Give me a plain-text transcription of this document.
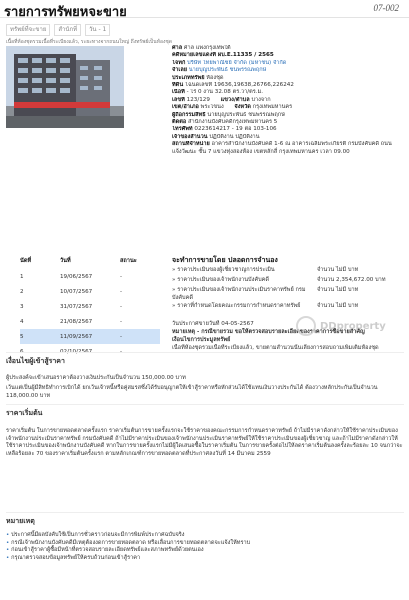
รายการทรัพยหจะขาย	07-002
ทรัพย์ที่จะขาย	สำนักที่	วัน - 1
เนื้อที่ห้องชุดรวมเนื้อที่ระเบียงแล้ว, ระยะทางจากถนนใหญ่ ถึงทรัพย์เป็นห้องชุด
ศาล ศาล แพ่งกรุงเทพใต้
คดีหมายเลขแดงที่ ผบ.E.11335 / 2565
โจทก์ บริษัท ไทยพาณิชย์ จำกัด (มหาชน) จำกัด
จำเลย นายบุญประพันธ์ ชนพรรณพฤกษ์
ประเภททรัพย์ ห้องชุด
ที่ดิน โฉนดเลขที่ 19636,19638,26766,226242
เนื้อที่ - ไร่ 0 งาน 32.08 ตร.วา/ตร.ม.
เลขที่ 123/129 แขวง/ตำบล บางจาก
เขต/อำเภอ พระโขนง จังหวัด กรุงเทพมหานคร
ผู้ถือกรรมสิทธิ์ นายบุญประพันธ์ ชนพรรณพฤกษ์
ติดต่อ สำนักงานบังคับคดีกรุงเทพมหานคร 5
โทรศัพท์ 0223614217 - 19 ต่อ 103-106
เจ้าของสำนวน ปฏิบัติงาน ปฏิบัติงาน
สถานที่จำหน่าย อาคารสำนักงานบังคับคดี 1-6 ณ อาคารเฉลิมพระเกียรติ กรมบังคับคดี ถนนแจ้งวัฒนะ ชั้น 7 แขวงทุ่งสองห้อง เขตหลักสี่ กรุงเทพมหานคร เวลา 09.00
นัดที่	วันที่	สถานะ
1	19/06/2567	-
2	10/07/2567	-
3	31/07/2567	-
4	21/08/2567	-
5	11/09/2567	-
6	02/10/2567	-
จะทำการขายโดย ปลอดการจำนอง
» ราคาประเมินของผู้เชี่ยวชาญการประเมิน	จำนวน ไม่มี บาท
» ราคาประเมินของเจ้าพนักงานบังคับคดี	จำนวน 2,354,672.00 บาท
» ราคาประเมินของเจ้าพนักงานประเมินราคาทรัพย์ กรมบังคับคดี
จำนวน ไม่มี บาท
» ราคาที่กำหนดโดยคณะกรรมการกำหนดราคาทรัพย์	จำนวน ไม่มี บาท
วันประกาศขายวันที่ 04-05-2567
หมายเหตุ - กรณีขายรวม ขอให้ตรวจสอบรายละเอียดของราคาการซื้อขายสำคัญ
เงื่อนไขการประมูลทรัพย์
เนื้อที่ห้องชุดรวมเนื้อที่ระเบียงแล้ว, ขายตามสำนวนนั้นเลี่ยงการสอบถามเพิ่มเติมห้องชุด
DDproperty
เงื่อนไขผู้เข้าสู้ราคา
ผู้ประสงค์จะเข้าเสนอราคาต้องวางเงินประกันเป็นจำนวน 150,000.00 บาท
เว้นแต่เป็นผู้มีสิทธิทำการเบิกได้ ยกเว้นเจ้าหนี้หรือคู่สมรสซึ่งได้รับอนุญาตให้เข้าสู้ราคาหรือหักส่วนได้ใช้แทนเงินวางประกันได้ ต้องวางหลักประกันเป็นจำนวน 118,000.00 บาท
ราคาเริ่มต้น
ราคาเริ่มต้น ในการขายทอดตลาดครั้งแรก ราคาเริ่มต้นการขายครั้งแรกจะใช้ราคาของคณะกรรมการกำหนดราคาทรัพย์ ถ้าไม่มีราคาดังกล่าวให้ใช้ราคาประเมินของเจ้าพนักงานประเมินราคาทรัพย์ กรมบังคับคดี ถ้าไม่มีราคาประเมินของเจ้าพนักงานประเมินราคาทรัพย์ให้ใช้ราคาประเมินของผู้เชี่ยวชาญ และถ้าไม่มีราคาดังกล่าวให้ใช้ราคาประเมินของเจ้าพนักงานบังคับคดี หากในการขายครั้งแรกไม่มีผู้ใดเสนอซื้อในราคาเริ่มต้น ในการขายครั้งต่อไปให้ลดราคาเริ่มต้นลงครั้งละร้อยละ 10 จนกว่าจะเหลือร้อยละ 70 ของราคาเริ่มต้นครั้งแรก ตามหลักเกณฑ์การขายทอดตลาดที่ประกาศลงวันที่ 14 มีนาคม 2559
หมายเหตุ
• ประกาศนี้มีผลบังคับใช้เป็นการชั่วคราวก่อนจะมีการพิมพ์ประกาศฉบับจริง
• กรณีเจ้าพนักงานบังคับคดีมีเหตุต้องงดการขายทอดตลาด หรือเลื่อนการขายทอดตลาดจะแจ้งให้ทราบ
• ก่อนเข้าสู้ราคาผู้ซื้อมีหน้าที่ตรวจสอบรายละเอียดทรัพย์และสภาพทรัพย์ด้วยตนเอง
• กรุณาตรวจสอบข้อมูลทรัพย์ให้ครบถ้วนก่อนเข้าสู้ราคา
